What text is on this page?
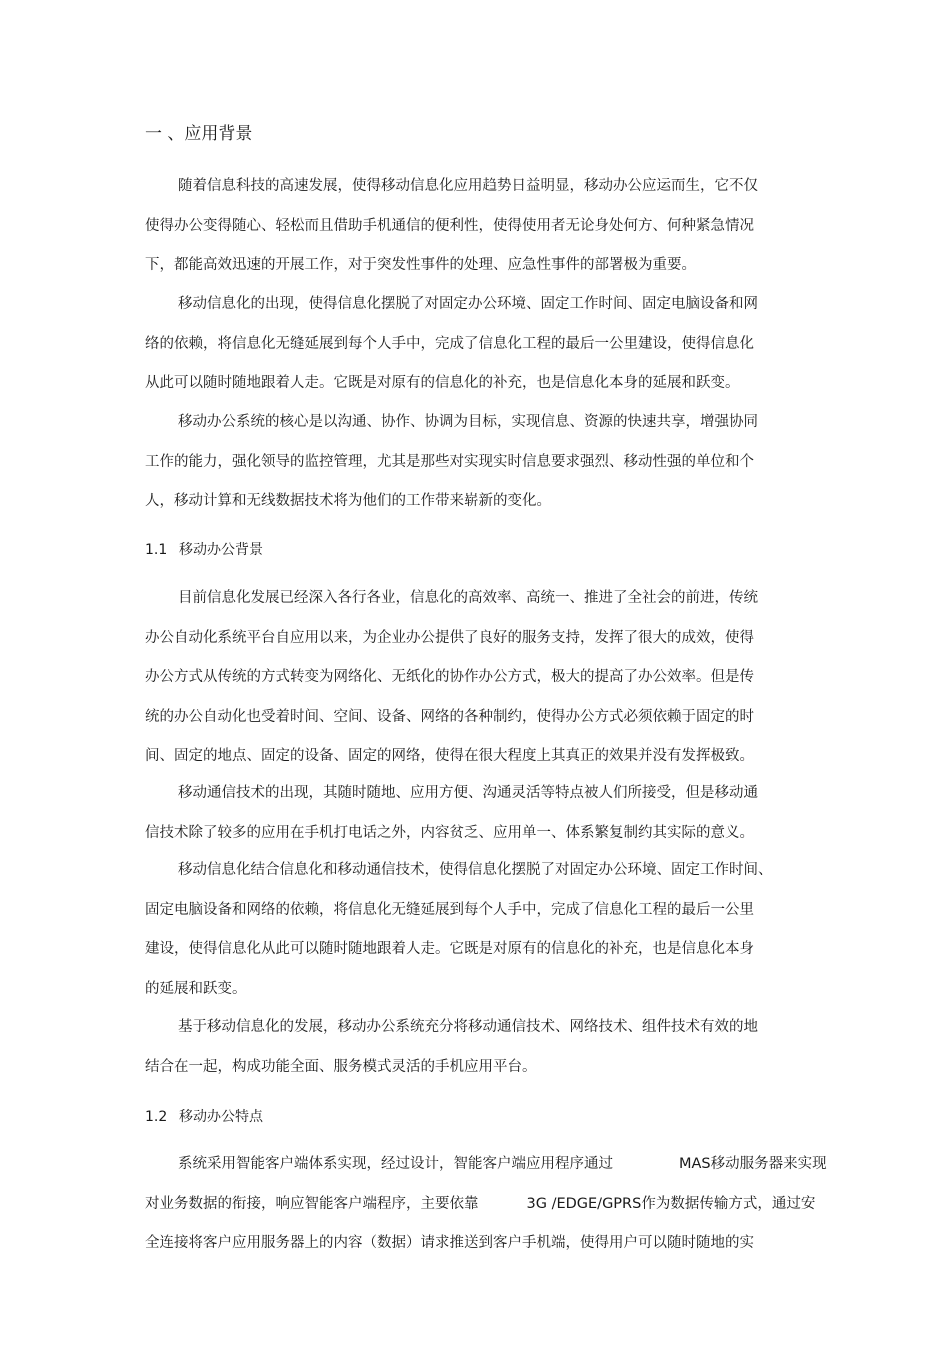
一 、应用背景
随着信息科技的高速发展，使得移动信息化应用趋势日益明显，移动办公应运而生，它不仅
使得办公变得随心、轻松而且借助手机通信的便利性，使得使用者无论身处何方、何种紧急情况
下，都能高效迅速的开展工作，对于突发性事件的处理、应急性事件的部署极为重要。
移动信息化的出现，使得信息化摆脱了对固定办公环境、固定工作时间、固定电脑设备和网
络的依赖，将信息化无缝延展到每个人手中，完成了信息化工程的最后一公里建设，使得信息化
从此可以随时随地跟着人走。它既是对原有的信息化的补充，也是信息化本身的延展和跃变。
移动办公系统的核心是以沟通、协作、协调为目标，实现信息、资源的快速共享，增强协同
工作的能力，强化领导的监控管理，尤其是那些对实现实时信息要求强烈、移动性强的单位和个
人，移动计算和无线数据技术将为他们的工作带来崭新的变化。
1.1 移动办公背景
目前信息化发展已经深入各行各业，信息化的高效率、高统一、推进了全社会的前进，传统
办公自动化系统平台自应用以来，为企业办公提供了良好的服务支持，发挥了很大的成效，使得
办公方式从传统的方式转变为网络化、无纸化的协作办公方式，极大的提高了办公效率。但是传
统的办公自动化也受着时间、空间、设备、网络的各种制约，使得办公方式必须依赖于固定的时
间、固定的地点、固定的设备、固定的网络，使得在很大程度上其真正的效果并没有发挥极致。
移动通信技术的出现，其随时随地、应用方便、沟通灵活等特点被人们所接受，但是移动通
信技术除了较多的应用在手机打电话之外，内容贫乏、应用单一、体系繁复制约其实际的意义。
移动信息化结合信息化和移动通信技术，使得信息化摆脱了对固定办公环境、固定工作时间、
固定电脑设备和网络的依赖，将信息化无缝延展到每个人手中，完成了信息化工程的最后一公里
建设，使得信息化从此可以随时随地跟着人走。它既是对原有的信息化的补充，也是信息化本身
的延展和跃变。
基于移动信息化的发展，移动办公系统充分将移动通信技术、网络技术、组件技术有效的地
结合在一起，构成功能全面、服务模式灵活的手机应用平台。
1.2 移动办公特点
系统采用智能客户端体系实现，经过设计，智能客户端应用程序通过	MAS移动服务器来实现
对业务数据的衔接，响应智能客户端程序，主要依靠	3G /EDGE/GPRS作为数据传输方式，通过安
全连接将客户应用服务器上的内容（数据）请求推送到客户手机端，使得用户可以随时随地的实
